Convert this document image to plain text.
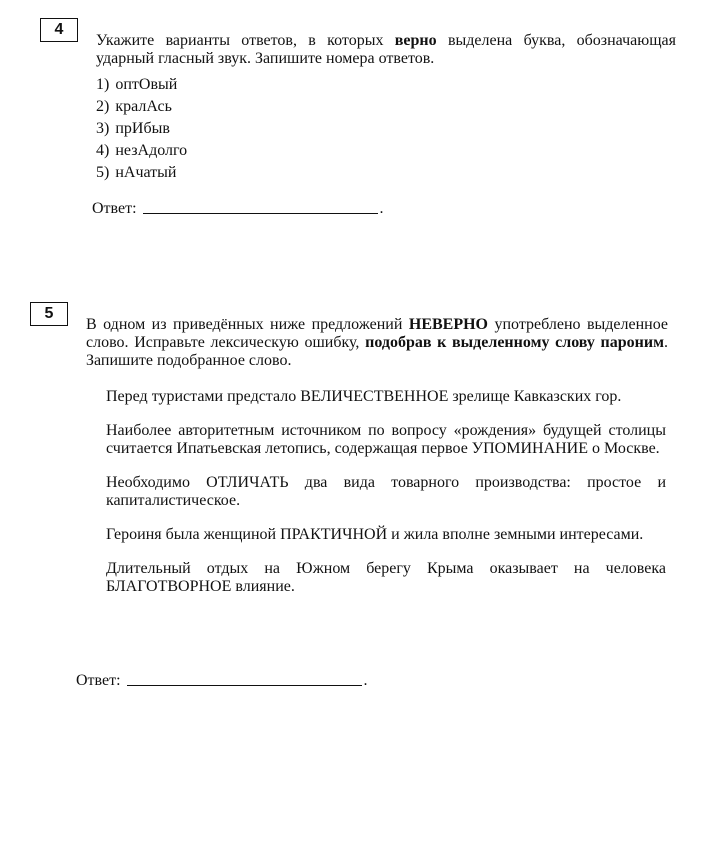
4
Укажите варианты ответов, в которых верно выделена буква, обозначающая ударный гласный звук. Запишите номера ответов.
1) оптОвый
2) кралАсь
3) прИбыв
4) незАдолго
5) нАчатый
Ответ:	.
5
В одном из приведённых ниже предложений НЕВЕРНО употреблено выделенное слово. Исправьте лексическую ошибку, подобрав к выделенному слову пароним. Запишите подобранное слово.
Перед туристами предстало ВЕЛИЧЕСТВЕННОЕ зрелище Кавказских гор.
Наиболее авторитетным источником по вопросу «рождения» будущей столицы считается Ипатьевская летопись, содержащая первое УПОМИНАНИЕ о Москве.
Необходимо ОТЛИЧАТЬ два вида товарного производства: простое и капиталистическое.
Героиня была женщиной ПРАКТИЧНОЙ и жила вполне земными интересами.
Длительный отдых на Южном берегу Крыма оказывает на человека БЛАГОТВОРНОЕ влияние.
Ответ:	.
